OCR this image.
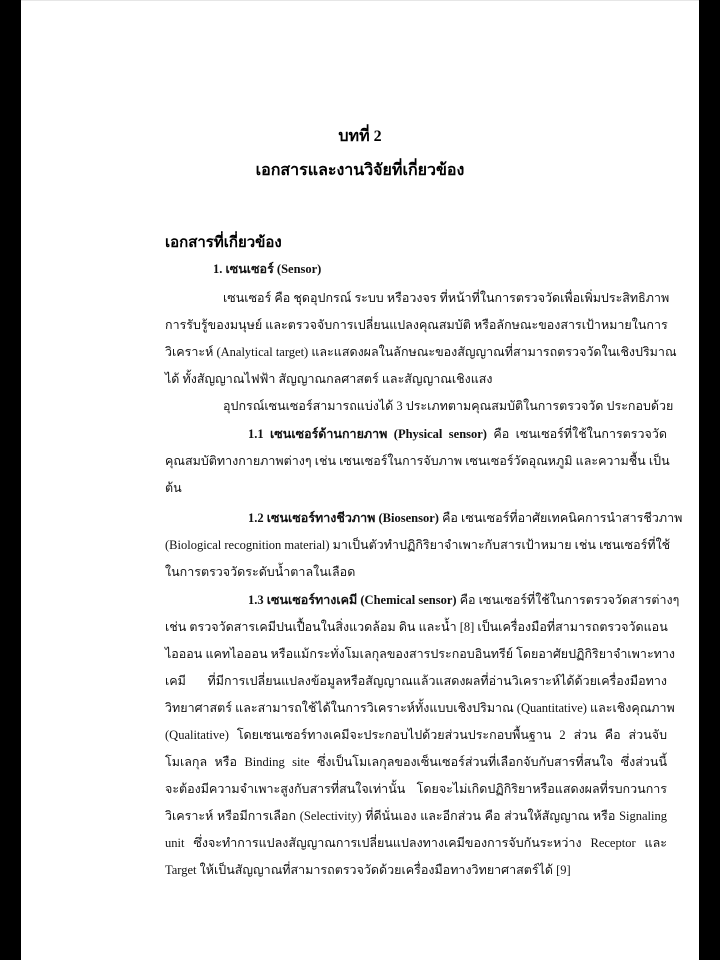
บทที่ 2
เอกสารและงานวิจัยที่เกี่ยวข้อง
เอกสารที่เกี่ยวข้อง
1. เซนเซอร์ (Sensor)
เซนเซอร์ คือ ชุดอุปกรณ์ ระบบ หรือวงจร ที่หน้าที่ในการตรวจวัดเพื่อเพิ่มประสิทธิภาพ
การรับรู้ของมนุษย์ และตรวจจับการเปลี่ยนแปลงคุณสมบัติ หรือลักษณะของสารเป้าหมายในการ
วิเคราะห์ (Analytical target) และแสดงผลในลักษณะของสัญญาณที่สามารถตรวจวัดในเชิงปริมาณ
ได้ ทั้งสัญญาณไฟฟ้า สัญญาณกลศาสตร์ และสัญญาณเชิงแสง
อุปกรณ์เซนเซอร์สามารถแบ่งได้ 3 ประเภทตามคุณสมบัติในการตรวจวัด ประกอบด้วย
1.1 เซนเซอร์ด้านกายภาพ (Physical sensor) คือ เซนเซอร์ที่ใช้ในการตรวจวัด
คุณสมบัติทางกายภาพต่างๆ เช่น เซนเซอร์ในการจับภาพ เซนเซอร์วัดอุณหภูมิ และความชื้น เป็น
ต้น
1.2 เซนเซอร์ทางชีวภาพ (Biosensor) คือ เซนเซอร์ที่อาศัยเทคนิคการนำสารชีวภาพ
(Biological recognition material) มาเป็นตัวทำปฏิกิริยาจำเพาะกับสารเป้าหมาย เช่น เซนเซอร์ที่ใช้
ในการตรวจวัดระดับน้ำตาลในเลือด
1.3 เซนเซอร์ทางเคมี (Chemical sensor) คือ เซนเซอร์ที่ใช้ในการตรวจวัดสารต่างๆ
เช่น ตรวจวัดสารเคมีปนเปื้อนในสิ่งแวดล้อม ดิน และน้ำ [8] เป็นเครื่องมือที่สามารถตรวจวัดแอน
ไอออน แคทไอออน หรือแม้กระทั่งโมเลกุลของสารประกอบอินทรีย์ โดยอาศัยปฏิกิริยาจำเพาะทาง
เคมี ที่มีการเปลี่ยนแปลงข้อมูลหรือสัญญาณแล้วแสดงผลที่อ่านวิเคราะห์ได้ด้วยเครื่องมือทาง
วิทยาศาสตร์ และสามารถใช้ได้ในการวิเคราะห์ทั้งแบบเชิงปริมาณ (Quantitative) และเชิงคุณภาพ
(Qualitative) โดยเซนเซอร์ทางเคมีจะประกอบไปด้วยส่วนประกอบพื้นฐาน 2 ส่วน คือ ส่วนจับ
โมเลกุล หรือ Binding site ซึ่งเป็นโมเลกุลของเซ็นเซอร์ส่วนที่เลือกจับกับสารที่สนใจ ซึ่งส่วนนี้
จะต้องมีความจำเพาะสูงกับสารที่สนใจเท่านั้น โดยจะไม่เกิดปฏิกิริยาหรือแสดงผลที่รบกวนการ
วิเคราะห์ หรือมีการเลือก (Selectivity) ที่ดีนั่นเอง และอีกส่วน คือ ส่วนให้สัญญาณ หรือ Signaling
unit ซึ่งจะทำการแปลงสัญญาณการเปลี่ยนแปลงทางเคมีของการจับกันระหว่าง Receptor และ
Target ให้เป็นสัญญาณที่สามารถตรวจวัดด้วยเครื่องมือทางวิทยาศาสตร์ได้ [9]
